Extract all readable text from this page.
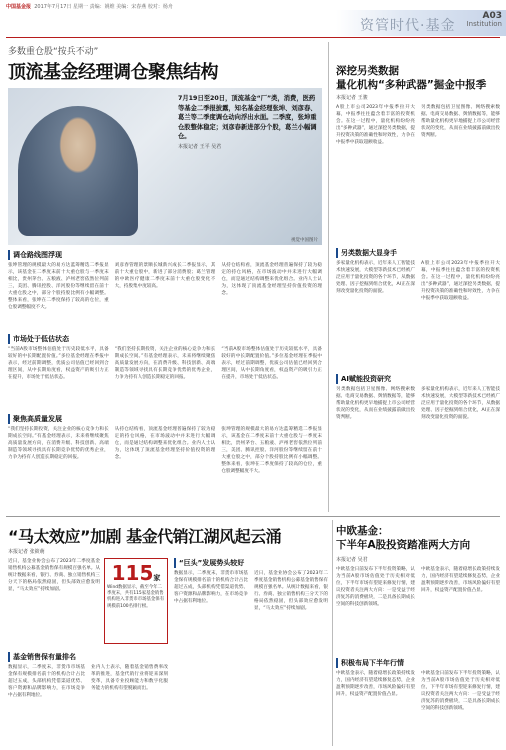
中国基金报 2017年7月17日 星期一 责编：姚维 美编：宋春燕 校对：杨舟
资管时代·基金
A03
Institution
多数重仓股“按兵不动”
顶流基金经理调仓聚焦结构
7月19日至20日，顶流基金“厂”类，消费，医药等基金二季报披露，知名基金经理张坤、刘彦春、葛兰等二季度调仓动向浮出水面。二季度，张坤重仓股整体稳定；刘彦春新进部分个股，葛兰小幅调仓。
本报记者 王平 吴君
视觉中国图片
调仓路线图浮现
张坤管理的规模最大的易方达蓝筹精选二季报显示，该基金在二季度末前十大重仓股与一季度末相比，贵州茅台、五粮液、泸州老窖依然位列前三，美团、腾讯控股、洋河股份等继续留在前十大重仓股之中，部分个股持股比例有小幅调整。整体来看，张坤在二季度保持了较高的仓位，重仓股调整幅度不大。
刘彦春管理的景顺长城新兴成长二季报显示，其前十大重仓股中，新进了部分消费股；葛兰管理的中欧医疗健康二季度末前十大重仓股变化不大，持股集中度较高。
从持仓结构看，顶流基金经理普遍保持了较为稳定的持仓风格，在市场波动中并未进行大幅调仓，而是通过结构调整来优化组合。业内人士认为，这体现了顶流基金经理坚持价值投资的理念。
市场处于低估状态
“当前A股市场整体估值处于历史较低水平，具备较好的中长期配置价值。”多位基金经理在季报中表示，经过前期调整，优质公司估值已经回到合理区间，从中长期角度看，权益资产的吸引力正在提升，市场处于低估状态。
“我们坚持长期投资，关注企业的核心竞争力和长期成长空间。”有基金经理表示，未来将继续聚焦高质量发展方向，在消费升级、科技创新、高端制造等领域寻找具有长期竞争优势的优秀企业，力争为持有人创造长期稳定的回报。
“当前A股市场整体估值处于历史较低水平，具备较好的中长期配置价值。”多位基金经理在季报中表示，经过前期调整，优质公司估值已经回到合理区间，从中长期角度看，权益资产的吸引力正在提升，市场处于低估状态。
聚焦高质量发展
“我们坚持长期投资，关注企业的核心竞争力和长期成长空间。”有基金经理表示，未来将继续聚焦高质量发展方向，在消费升级、科技创新、高端制造等领域寻找具有长期竞争优势的优秀企业，力争为持有人创造长期稳定的回报。
从持仓结构看，顶流基金经理普遍保持了较为稳定的持仓风格，在市场波动中并未进行大幅调仓，而是通过结构调整来优化组合。业内人士认为，这体现了顶流基金经理坚持价值投资的理念。
张坤管理的规模最大的易方达蓝筹精选二季报显示，该基金在二季度末前十大重仓股与一季度末相比，贵州茅台、五粮液、泸州老窖依然位列前三，美团、腾讯控股、洋河股份等继续留在前十大重仓股之中，部分个股持股比例有小幅调整。整体来看，张坤在二季度保持了较高的仓位，重仓股调整幅度不大。
深挖另类数据
量化机构“多种武器”掘金中报季
本报记者 王骏
A股上市公司2023年中报季拉开大幕，中报季往往蕴含着丰富的投资机会。在这一过程中，量化机构纷纷亮出“多种武器”，通过深挖另类数据，提升投资决策的准确性和时效性，力争在中报季中获取超额收益。
另类数据包括卫星图像、网络搜索数据、电商交易数据、舆情数据等，能够帮助量化机构更早地捕捉上市公司经营状况的变化，从而在业绩披露前做出投资判断。
另类数据大显身手
多家量化机构表示，近年来人工智能技术快速发展，大模型等新技术已经被广泛应用于量化投资的各个环节，从数据处理、因子挖掘到组合优化，AI正在深刻改变量化投资的面貌。
A股上市公司2023年中报季拉开大幕，中报季往往蕴含着丰富的投资机会。在这一过程中，量化机构纷纷亮出“多种武器”，通过深挖另类数据，提升投资决策的准确性和时效性，力争在中报季中获取超额收益。
AI赋能投资研究
另类数据包括卫星图像、网络搜索数据、电商交易数据、舆情数据等，能够帮助量化机构更早地捕捉上市公司经营状况的变化，从而在业绩披露前做出投资判断。
多家量化机构表示，近年来人工智能技术快速发展，大模型等新技术已经被广泛应用于量化投资的各个环节，从数据处理、因子挖掘到组合优化，AI正在深刻改变量化投资的面貌。
“马太效应”加剧 基金代销江湖风起云涌
本报记者 张筱萌
近日，基金业协会公布了2023年二季度基金销售机构公募基金销售保有规模百强名单。从统计数据来看，银行、券商、独立销售机构三分天下的格局依然稳固，但头部效应愈发明显，“马太效应”持续加剧。
115家
Wind数据显示，截至今年二季度末，共有115家基金销售机构进入非货币市场基金保有规模前100名排行榜。
基金销售保有量排名
数据显示，二季度末，非货币市场基金保有规模排名前十的机构合计占比超过五成，头部机构凭借渠道优势、客户资源和品牌影响力，在市场竞争中占据有利地位。
业内人士表示，随着基金销售费率改革的推进，基金代销行业将迎来深刻变革，具备专业投顾能力和数字化服务能力的机构有望脱颖而出。
“巨头”发展势头较好
数据显示，二季度末，非货币市场基金保有规模排名前十的机构合计占比超过五成，头部机构凭借渠道优势、客户资源和品牌影响力，在市场竞争中占据有利地位。
近日，基金业协会公布了2023年二季度基金销售机构公募基金销售保有规模百强名单。从统计数据来看，银行、券商、独立销售机构三分天下的格局依然稳固，但头部效应愈发明显，“马太效应”持续加剧。
中欧基金：
下半年A股投资踏准两大方向
本报记者 吴君
中欧基金日前发布下半年投资策略，认为当前A股市场估值处于历史相对低位，下半年市场有望迎来修复行情，建议投资者关注两大方向：一是受益于经济复苏的消费板块，二是具备长期成长空间的科技创新领域。
中欧基金表示，随着稳增长政策持续发力，国内经济有望延续修复态势，企业盈利预期逐步改善，市场风险偏好有望回升，权益资产配置价值凸显。
积极布局下半年行情
中欧基金表示，随着稳增长政策持续发力，国内经济有望延续修复态势，企业盈利预期逐步改善，市场风险偏好有望回升，权益资产配置价值凸显。
中欧基金日前发布下半年投资策略，认为当前A股市场估值处于历史相对低位，下半年市场有望迎来修复行情，建议投资者关注两大方向：一是受益于经济复苏的消费板块，二是具备长期成长空间的科技创新领域。
